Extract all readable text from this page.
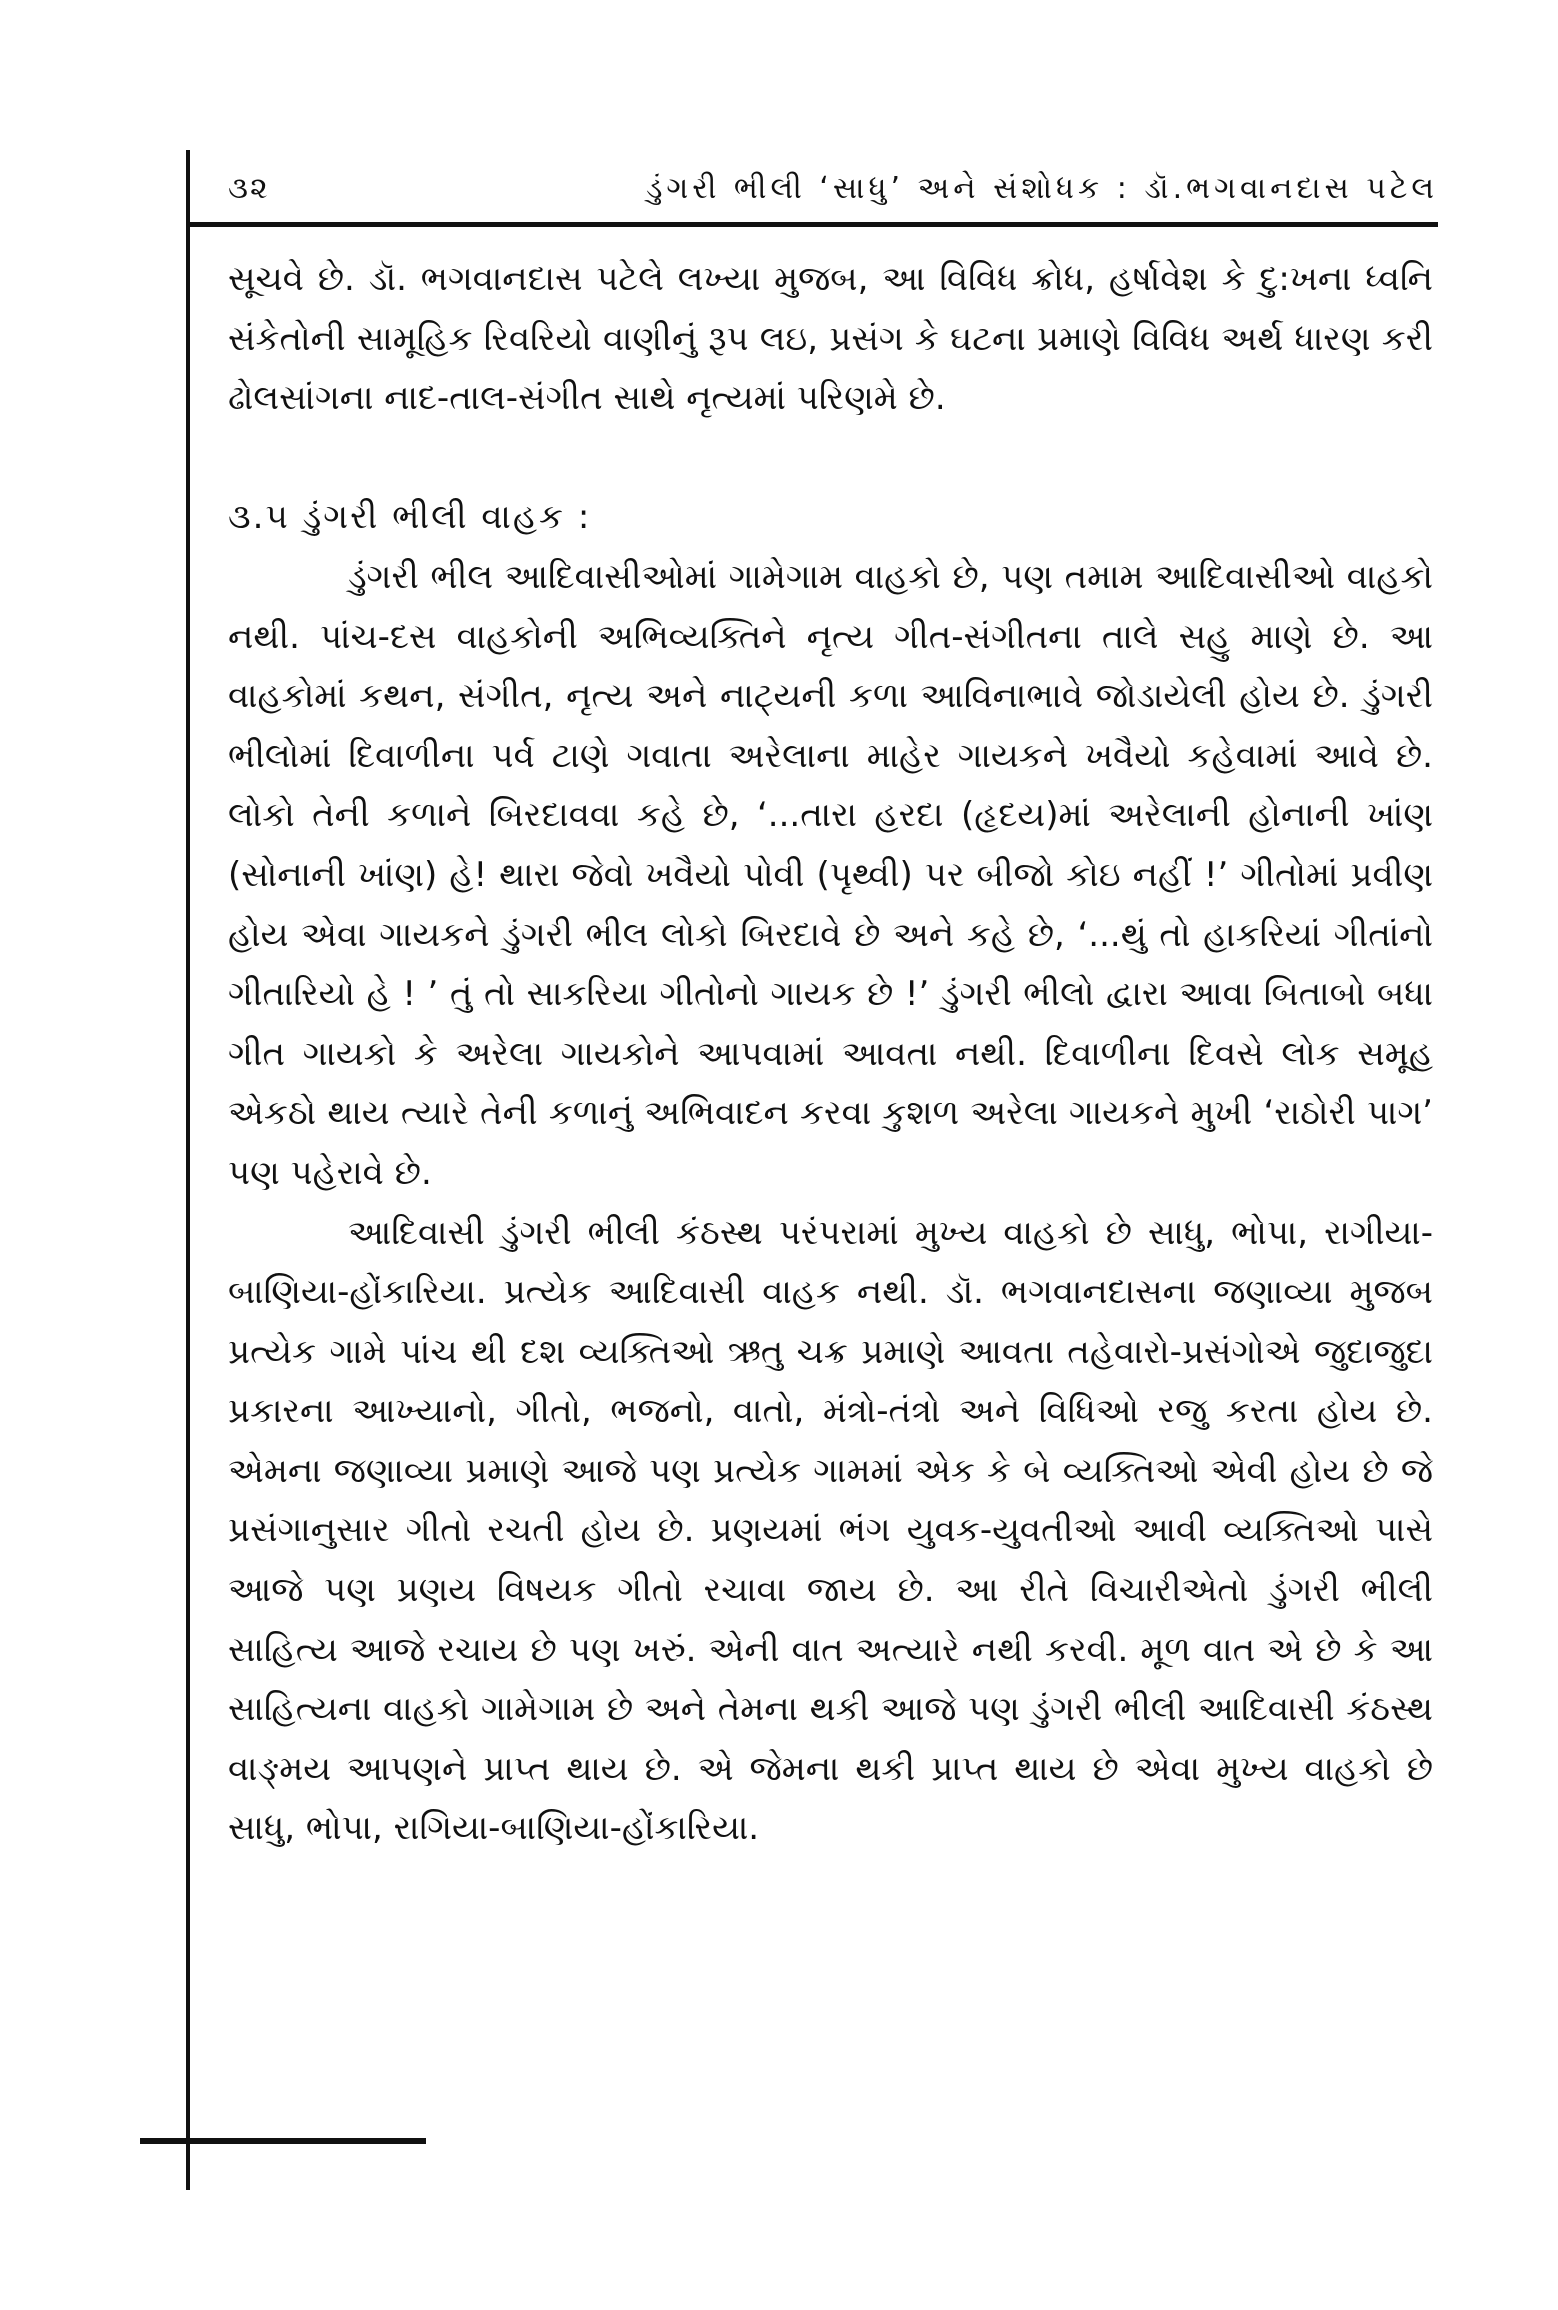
૩૨	ડુંગરી ભીલી ‘સાધુ’ અને સંશોધક : ડૉ.ભગવાનદાસ પટેલ

સૂચવે છે. ડૉ. ભગવાનદાસ પટેલે લખ્યા મુજબ, આ વિવિધ ક્રોધ, હર્ષાવેશ કે દુ:ખના ધ્વનિ સંકેતોની સામૂહિક રિવરિયો વાણીનું રૂપ લઇ, પ્રસંગ કે ઘટના પ્રમાણે વિવિધ અર્થ ધારણ કરી ઢોલસાંગના નાદ-તાલ-સંગીત સાથે નૃત્યમાં પરિણમે છે.

૩.૫ ડુંગરી ભીલી વાહક :

ડુંગરી ભીલ આદિવાસીઓમાં ગામેગામ વાહકો છે, પણ તમામ આદિવાસીઓ વાહકો નથી. પાંચ-દસ વાહકોની અભિવ્યક્તિને નૃત્ય ગીત-સંગીતના તાલે સહુ માણે છે. આ વાહકોમાં કથન, સંગીત, નૃત્ય અને નાટ્યની કળા આવિનાભાવે જોડાયેલી હોય છે. ડુંગરી ભીલોમાં દિવાળીના પર્વ ટાણે ગવાતા અરેલાના માહેર ગાયકને ખવૈયો કહેવામાં આવે છે. લોકો તેની કળાને બિરદાવવા કહે છે, ‘...તારા હરદા (હૃદય)માં અરેલાની હોનાની ખાંણ (સોનાની ખાંણ) હે! થારા જેવો ખવૈયો પોવી (પૃથ્વી) પર બીજો કોઇ નહીં !’ ગીતોમાં પ્રવીણ હોય એવા ગાયકને ડુંગરી ભીલ લોકો બિરદાવે છે અને કહે છે, ‘...થું તો હાકરિયાં ગીતાંનો ગીતારિયો હે ! ’ તું તો સાકરિયા ગીતોનો ગાયક છે !’ ડુંગરી ભીલો દ્વારા આવા બિતાબો બધા ગીત ગાયકો કે અરેલા ગાયકોને આપવામાં આવતા નથી. દિવાળીના દિવસે લોક સમૂહ એકઠો થાય ત્યારે તેની કળાનું અભિવાદન કરવા કુશળ અરેલા ગાયકને મુખી ‘રાઠોરી પાગ’ પણ પહેરાવે છે.

આદિવાસી ડુંગરી ભીલી કંઠસ્થ પરંપરામાં મુખ્ય વાહકો છે સાધુ, ભોપા, રાગીયા-બાણિયા-હોંકારિયા. પ્રત્યેક આદિવાસી વાહક નથી. ડૉ. ભગવાનદાસના જણાવ્યા મુજબ પ્રત્યેક ગામે પાંચ થી દશ વ્યક્તિઓ ઋતુ ચક્ર પ્રમાણે આવતા તહેવારો-પ્રસંગોએ જુદાજુદા પ્રકારના આખ્યાનો, ગીતો, ભજનો, વાતો, મંત્રો-તંત્રો અને વિધિઓ રજુ કરતા હોય છે. એમના જણાવ્યા પ્રમાણે આજે પણ પ્રત્યેક ગામમાં એક કે બે વ્યક્તિઓ એવી હોય છે જે પ્રસંગાનુસાર ગીતો રચતી હોય છે. પ્રણયમાં ભંગ યુવક-યુવતીઓ આવી વ્યક્તિઓ પાસે આજે પણ પ્રણય વિષયક ગીતો રચાવા જાય છે. આ રીતે વિચારીએતો ડુંગરી ભીલી સાહિત્ય આજે રચાય છે પણ ખરું. એની વાત અત્યારે નથી કરવી. મૂળ વાત એ છે કે આ સાહિત્યના વાહકો ગામેગામ છે અને તેમના થકી આજે પણ ડુંગરી ભીલી આદિવાસી કંઠસ્થ વાઙ્મય આપણને પ્રાપ્ત થાય છે. એ જેમના થકી પ્રાપ્ત થાય છે એવા મુખ્ય વાહકો છે સાધુ, ભોપા, રાગિયા-બાણિયા-હોંકારિયા.
